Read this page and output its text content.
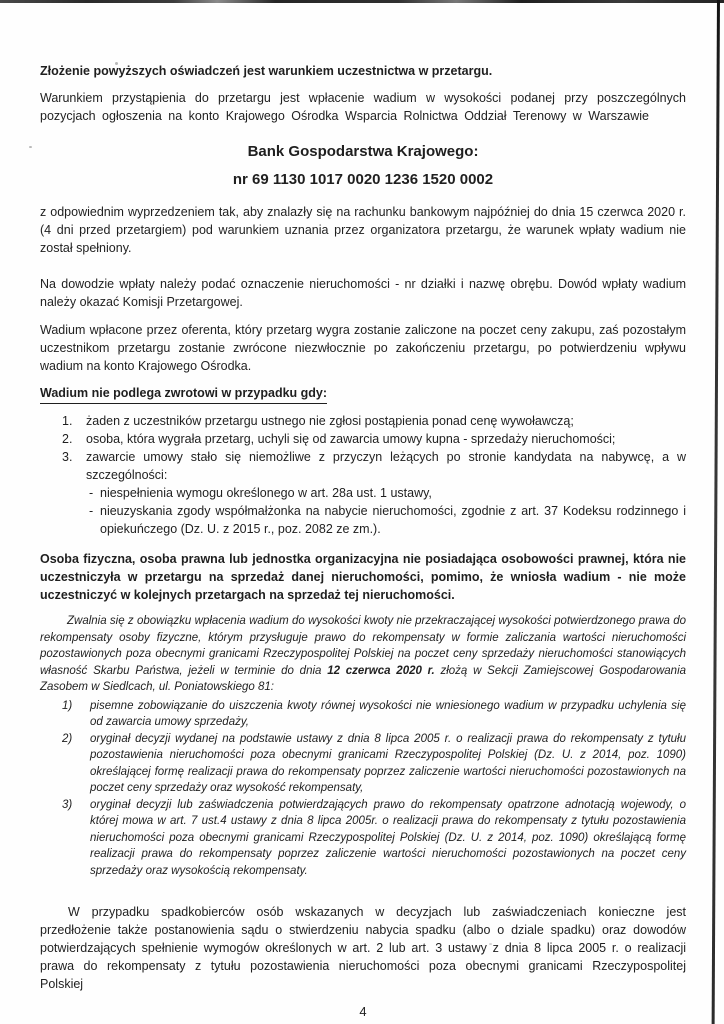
Złożenie powyższych oświadczeń jest warunkiem uczestnictwa w przetargu.

Warunkiem przystąpienia do przetargu jest wpłacenie wadium w wysokości podanej przy poszczególnych pozycjach ogłoszenia na konto Krajowego Ośrodka Wsparcia Rolnictwa Oddział Terenowy w Warszawie

Bank Gospodarstwa Krajowego:

nr 69 1130 1017 0020 1236 1520 0002

z odpowiednim wyprzedzeniem tak, aby znalazły się na rachunku bankowym najpóźniej do dnia 15 czerwca 2020 r. (4 dni przed przetargiem) pod warunkiem uznania przez organizatora przetargu, że warunek wpłaty wadium nie został spełniony.

Na dowodzie wpłaty należy podać oznaczenie nieruchomości - nr działki i nazwę obrębu. Dowód wpłaty wadium należy okazać Komisji Przetargowej.

Wadium wpłacone przez oferenta, który przetarg wygra zostanie zaliczone na poczet ceny zakupu, zaś pozostałym uczestnikom przetargu zostanie zwrócone niezwłocznie po zakończeniu przetargu, po potwierdzeniu wpływu wadium na konto Krajowego Ośrodka.

Wadium nie podlega zwrotowi w przypadku gdy:

żaden z uczestników przetargu ustnego nie zgłosi postąpienia ponad cenę wywoławczą;
osoba, która wygrała przetarg, uchyli się od zawarcia umowy kupna - sprzedaży nieruchomości;
zawarcie umowy stało się niemożliwe z przyczyn leżących po stronie kandydata na nabywcę, a w szczególności:
- niespełnienia wymogu określonego w art. 28a ust. 1 ustawy,
- nieuzyskania zgody współmałżonka na nabycie nieruchomości, zgodnie z art. 37 Kodeksu rodzinnego i opiekuńczego (Dz. U. z 2015 r., poz. 2082 ze zm.).

Osoba fizyczna, osoba prawna lub jednostka organizacyjna nie posiadająca osobowości prawnej, która nie uczestniczyła w przetargu na sprzedaż danej nieruchomości, pomimo, że wniosła wadium - nie może uczestniczyć w kolejnych przetargach na sprzedaż tej nieruchomości.

Zwalnia się z obowiązku wpłacenia wadium do wysokości kwoty nie przekraczającej wysokości potwierdzonego prawa do rekompensaty osoby fizyczne, którym przysługuje prawo do rekompensaty w formie zaliczania wartości nieruchomości pozostawionych poza obecnymi granicami Rzeczypospolitej Polskiej na poczet ceny sprzedaży nieruchomości stanowiących własność Skarbu Państwa, jeżeli w terminie do dnia 12 czerwca 2020 r. złożą w Sekcji Zamiejscowej Gospodarowania Zasobem w Siedlcach, ul. Poniatowskiego 81:

pisemne zobowiązanie do uiszczenia kwoty równej wysokości nie wniesionego wadium w przypadku uchylenia się od zawarcia umowy sprzedaży,
oryginał decyzji wydanej na podstawie ustawy z dnia 8 lipca 2005 r. o realizacji prawa do rekompensaty z tytułu pozostawienia nieruchomości poza obecnymi granicami Rzeczypospolitej Polskiej (Dz. U. z 2014, poz. 1090) określającej formę realizacji prawa do rekompensaty poprzez zaliczenie wartości nieruchomości pozostawionych na poczet ceny sprzedaży oraz wysokość rekompensaty,
oryginał decyzji lub zaświadczenia potwierdzających prawo do rekompensaty opatrzone adnotacją wojewody, o której mowa w art. 7 ust.4 ustawy z dnia 8 lipca 2005r. o realizacji prawa do rekompensaty z tytułu pozostawienia nieruchomości poza obecnymi granicami Rzeczypospolitej Polskiej (Dz. U. z 2014, poz. 1090) określającą formę realizacji prawa do rekompensaty poprzez zaliczenie wartości nieruchomości pozostawionych na poczet ceny sprzedaży oraz wysokością rekompensaty.

W przypadku spadkobierców osób wskazanych w decyzjach lub zaświadczeniach konieczne jest przedłożenie także postanowienia sądu o stwierdzeniu nabycia spadku (albo o dziale spadku) oraz dowodów potwierdzających spełnienie wymogów określonych w art. 2 lub art. 3 ustawy z dnia 8 lipca 2005 r. o realizacji prawa do rekompensaty z tytułu pozostawienia nieruchomości poza obecnymi granicami Rzeczypospolitej Polskiej

4
